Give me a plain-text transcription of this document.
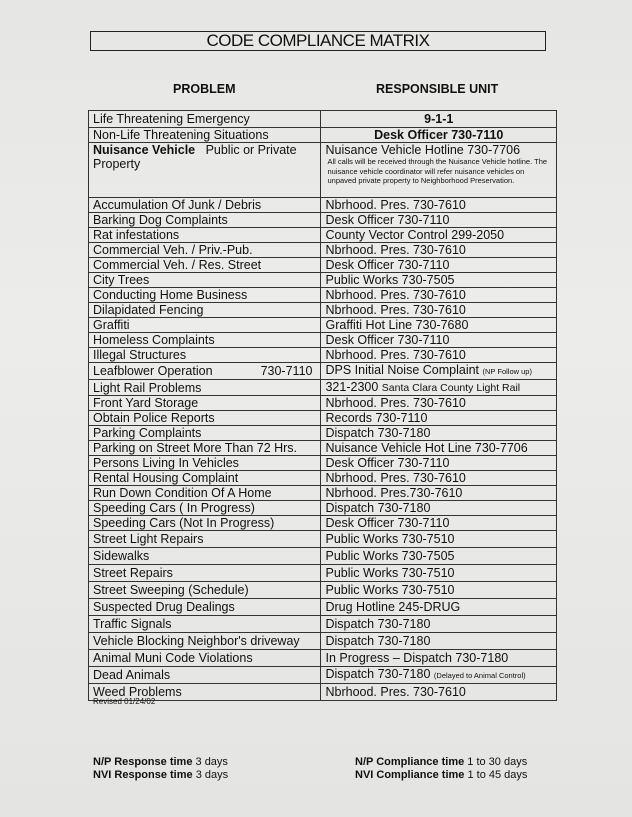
CODE COMPLIANCE MATRIX
PROBLEM	RESPONSIBLE UNIT
Life Threatening Emergency	9-1-1
Non-Life Threatening Situations	Desk Officer 730-7110
Nuisance Vehicle Public or Private Property	Nuisance Vehicle Hotline 730-7706
All calls will be received through the Nuisance Vehicle hotline. The nuisance vehicle coordinator will refer nuisance vehicles on unpaved private property to Neighborhood Preservation.

Accumulation Of Junk / Debris	Nbrhood. Pres. 730-7610
Barking Dog Complaints	Desk Officer 730-7110
Rat infestations	County Vector Control 299-2050
Commercial Veh. / Priv.-Pub.	Nbrhood. Pres. 730-7610
Commercial Veh. / Res. Street	Desk Officer 730-7110
City Trees	Public Works 730-7505
Conducting Home Business	Nbrhood. Pres. 730-7610
Dilapidated Fencing	Nbrhood. Pres. 730-7610
Graffiti	Graffiti Hot Line 730-7680
Homeless Complaints	Desk Officer 730-7110
Illegal Structures	Nbrhood. Pres. 730-7610

Leafblower Operation 730-7110	DPS Initial Noise Complaint (NP Follow up)
Light Rail Problems	321-2300 Santa Clara County Light Rail
Front Yard Storage	Nbrhood. Pres. 730-7610
Obtain Police Reports	Records 730-7110
Parking Complaints	Dispatch 730-7180
Parking on Street More Than 72 Hrs.	Nuisance Vehicle Hot Line 730-7706
Persons Living In Vehicles	Desk Officer 730-7110
Rental Housing Complaint	Nbrhood. Pres. 730-7610
Run Down Condition Of A Home	Nbrhood. Pres.730-7610
Speeding Cars ( In Progress)	Dispatch 730-7180
Speeding Cars (Not In Progress)	Desk Officer 730-7110
Street Light Repairs	Public Works 730-7510
Sidewalks	Public Works 730-7505
Street Repairs	Public Works 730-7510
Street Sweeping (Schedule)	Public Works 730-7510
Suspected Drug Dealings	Drug Hotline 245-DRUG
Traffic Signals	Dispatch 730-7180
Vehicle Blocking Neighbor's driveway	Dispatch 730-7180
Animal Muni Code Violations	In Progress – Dispatch 730-7180
Dead Animals	Dispatch 730-7180 (Delayed to Animal Control)
Weed Problems	Nbrhood. Pres. 730-7610
Revised 01/24/02
N/P Response time 3 days
NVI Response time 3 days
N/P Compliance time 1 to 30 days
NVI Compliance time 1 to 45 days
